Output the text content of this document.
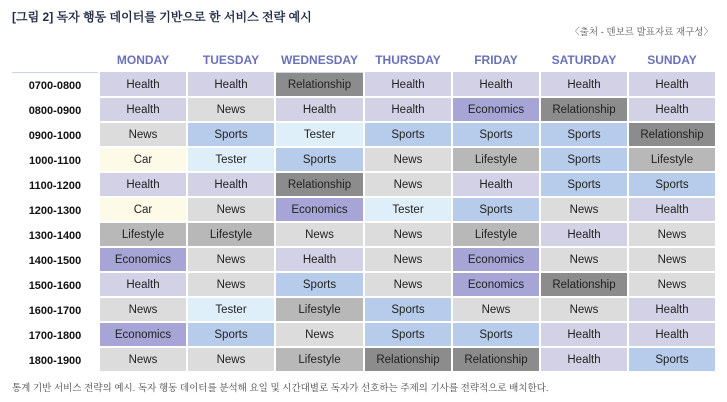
[그림 2] 독자 행동 데이터를 기반으로 한 서비스 전략 예시
〈출처 - 덴보르 발표자료 재구성〉
MONDAY	TUESDAY	WEDNESDAY	THURSDAY	FRIDAY	SATURDAY	SUNDAY
0700-0800	Health	Health	Relationship	Health	Health	Health	Health
0800-0900	Health	News	Health	Health	Economics	Relationship	Health
0900-1000	News	Sports	Tester	Sports	Sports	Sports	Relationship
1000-1100	Car	Tester	Sports	News	Lifestyle	Sports	Lifestyle
1100-1200	Health	Health	Relationship	News	Health	Sports	Sports
1200-1300	Car	News	Economics	Tester	Sports	News	Health
1300-1400	Lifestyle	Lifestyle	News	News	Lifestyle	Health	News
1400-1500	Economics	News	Health	News	Economics	News	News
1500-1600	Health	News	Sports	News	Economics	Relationship	News
1600-1700	News	Tester	Lifestyle	Sports	News	News	Health
1700-1800	Economics	Sports	News	Sports	Sports	Health	Health
1800-1900	News	News	Lifestyle	Relationship	Relationship	Health	Sports
통계 기반 서비스 전략의 예시. 독자 행동 데이터를 분석해 요일 및 시간대별로 독자가 선호하는 주제의 기사를 전략적으로 배치한다.
